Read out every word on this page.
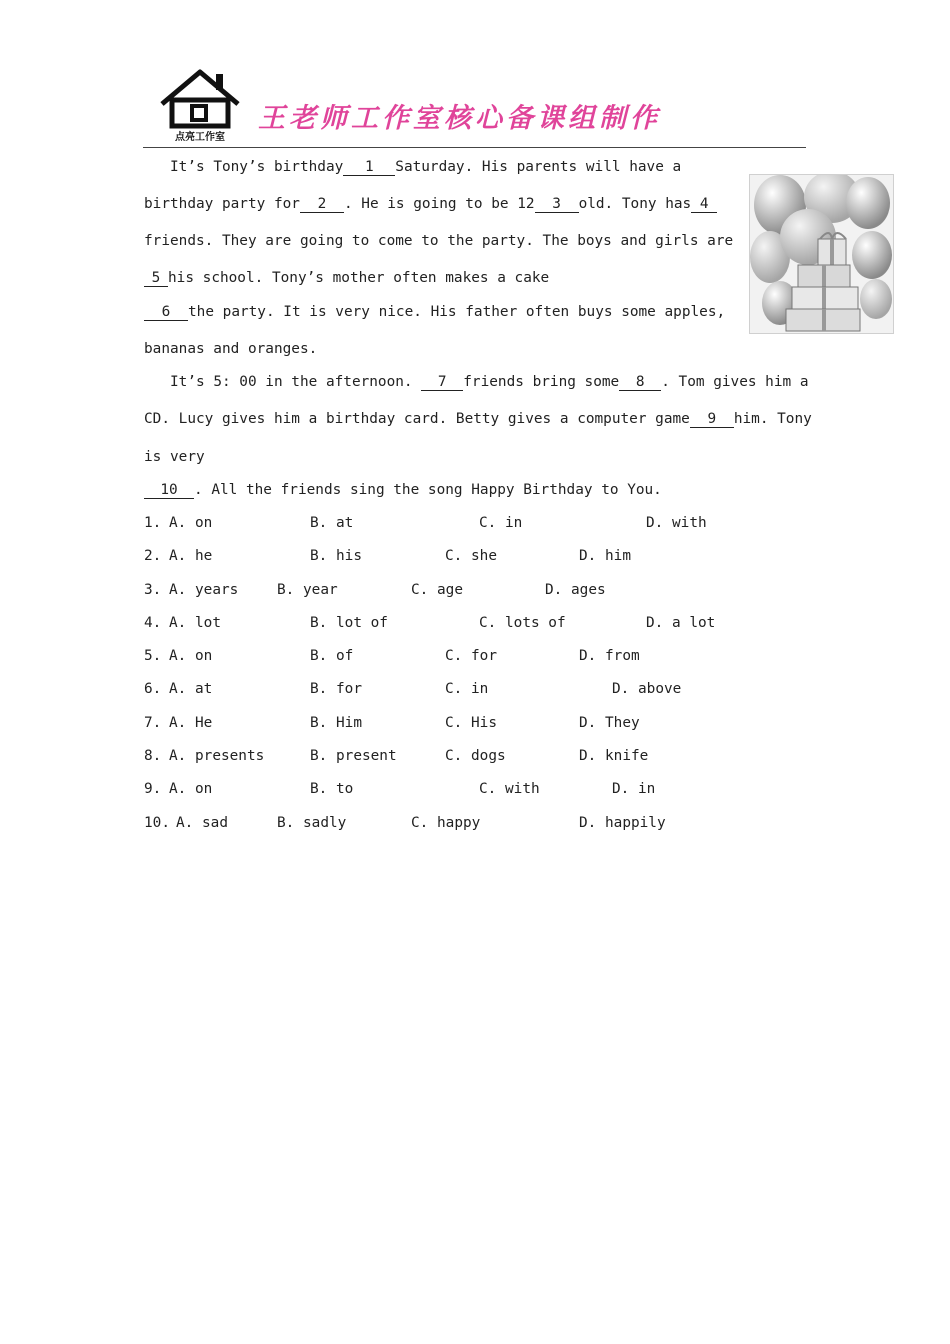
点亮工作室
王老师工作室核心备课组制作
It’s Tony’s birthday 1 Saturday. His parents will have a
birthday party for 2 . He is going to be 12 3 old. Tony has 4
friends. They are going to come to the party. The boys and girls are
5 his school. Tony’s mother often makes a cake
6 the party. It is very nice. His father often buys some apples,
bananas and oranges.
It’s 5: 00 in the afternoon. 7 friends bring some 8 . Tom gives him a
CD. Lucy gives him a birthday card. Betty gives a computer game 9 him. Tony
is very
10 . All the friends sing the song Happy Birthday to You.
1. A. on	B. at	C. in	D. with
2. A. he	B. his	C. she	D. him
3. A. years	B. year	C. age	D. ages
4. A. lot	B. lot of	C. lots of	D. a lot
5. A. on	B. of	C. for	D. from
6. A. at	B. for	C. in	D. above
7. A. He	B. Him	C. His	D. They
8. A. presents	B. present	C. dogs	D. knife
9. A. on	B. to	C. with	D. in
10. A. sad	B. sadly	C. happy	D. happily
